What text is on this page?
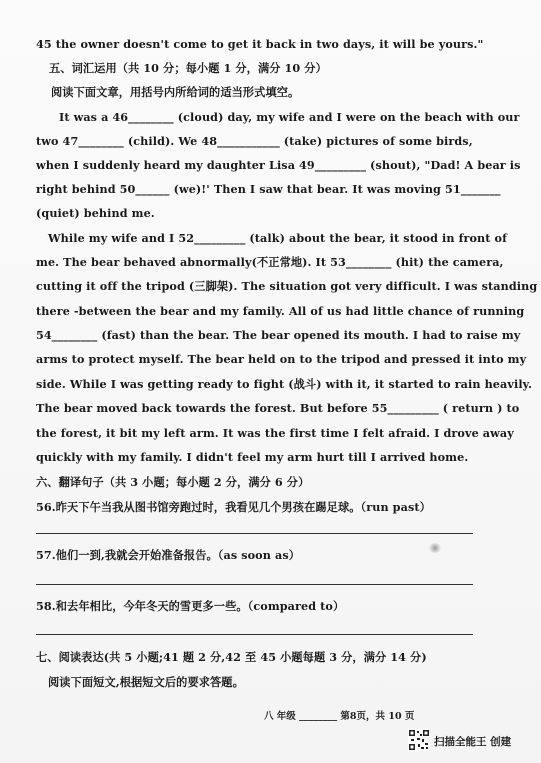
45 the owner doesn't come to get it back in two days, it will be yours."
五、词汇运用（共 10 分；每小题 1 分，满分 10 分）
阅读下面文章，用括号内所给词的适当形式填空。
It was a 46________ (cloud) day, my wife and I were on the beach with our
two 47________ (child). We 48___________ (take) pictures of some birds,
when I suddenly heard my daughter Lisa 49_________ (shout), "Dad! A bear is
right behind 50______ (we)!' Then I saw that bear. It was moving 51_______
(quiet) behind me.
While my wife and I 52_________ (talk) about the bear, it stood in front of
me. The bear behaved abnormally(不正常地). It 53________ (hit) the camera,
cutting it off the tripod (三脚架). The situation got very difficult. I was standing
there -between the bear and my family. All of us had little chance of running
54________ (fast) than the bear. The bear opened its mouth. I had to raise my
arms to protect myself. The bear held on to the tripod and pressed it into my
side. While I was getting ready to fight (战斗) with it, it started to rain heavily.
The bear moved back towards the forest. But before 55_________ ( return ) to
the forest, it bit my left arm. It was the first time I felt afraid. I drove away
quickly with my family. I didn't feel my arm hurt till I arrived home.
六、翻译句子（共 3 小题；每小题 2 分，满分 6 分）
56.昨天下午当我从图书馆旁跑过时，我看见几个男孩在踢足球。（run past）
57.他们一到,我就会开始准备报告。（as soon as）
58.和去年相比，今年冬天的雪更多一些。（compared to）
七、阅读表达(共 5 小题;41 题 2 分,42 至 45 小题每题 3 分，满分 14 分)
阅读下面短文,根据短文后的要求答题。
八 年级 ________ 第8页，共 10 页
扫描全能王 创建
